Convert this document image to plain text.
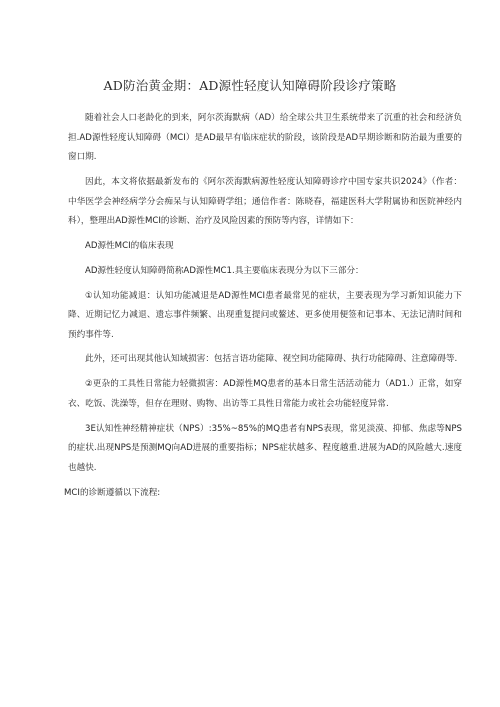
AD防治黄金期：AD源性轻度认知障碍阶段诊疗策略

随着社会人口老龄化的到来，阿尔茨海默病（AD）给全球公共卫生系统带来了沉重的社会和经济负担.AD源性轻度认知障碍（MCI）是AD最早有临床症状的阶段，该阶段是AD早期诊断和防治最为重要的窗口期.

因此，本文将依据最新发布的《阿尔茨海默病源性轻度认知障碍诊疗中国专家共识2024》（作者：中华医学会神经病学分会痴呆与认知障碍学组；通信作者：陈晓春，福建医科大学附属协和医院神经内科），整理出AD源性MCI的诊断、治疗及风险因素的预防等内容，详情如下：

AD源性MCI的临床表现

AD源性轻度认知障碍简称AD源性MC1.具主要临床表现分为以下三部分：

①认知功能减退：认知功能减退是AD源性MCI患者最常见的症状，主要表现为学习新知识能力下降、近期记忆力减退、遗忘事件频繁、出现重复提问或鳌述、更多使用便签和记事本、无法记清时间和预约事件等.

此外，还可出现其他认知域损害：包括言语功能障、视空间功能障碍、执行功能障碍、注意障碍等.

②更杂的工具性日常能力轻微损害：AD源性MQ患者的基本日常生活活动能力（AD1.）正常，如穿衣、吃饭、洗澡等，但存在理财、购物、出访等工具性日常能力或社会功能轻度异常.

3E认知性神经精神症状（NPS）:35%~85%的MQ患者有NPS表现，常见淡漠、抑郁、焦虑等NPS的症状.出现NPS是预测MQ向AD进展的重要指标；NPS症状越多、程度越重.进展为AD的风险越大.速度也越快.

MCI的诊断遵循以下流程:
